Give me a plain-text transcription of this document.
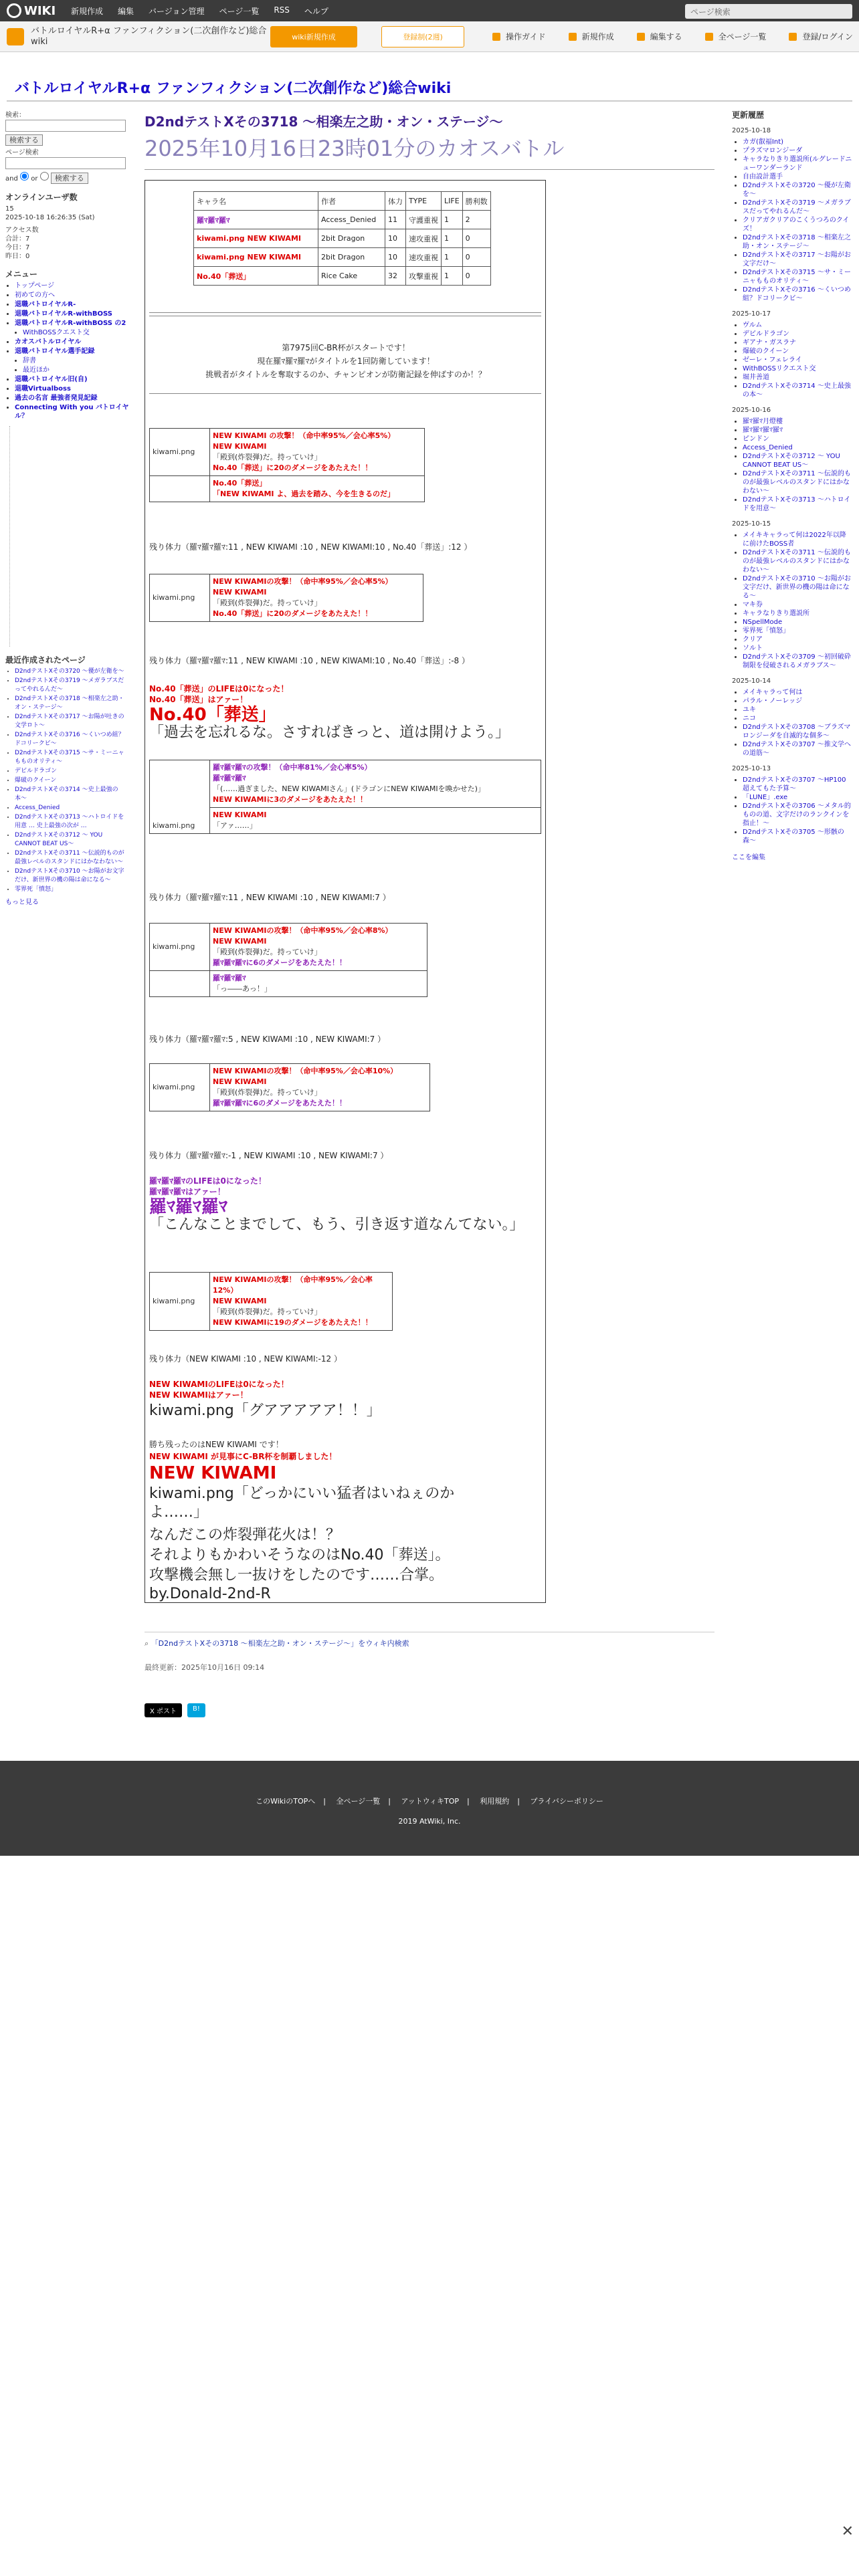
WIKI 新規作成 編集 バージョン管理 ページ一覧 RSS ヘルプ	ページ検索
バトルロイヤルR+α ファンフィクション(二次創作など)総合wiki	wiki新規作成	登録制(2週)	操作ガイド	新規作成	編集する	全ページ一覧	登録/ログイン
バトルロイヤルR+α ファンフィクション(二次創作など)総合wiki
検索：
検索する
ページ検索
and or 検索する
オンラインユーザ数
15
2025-10-18 16:26:35 (Sat)
アクセス数
合計：7
今日：7
昨日：0
メニュー
• トップページ
• 初めての方へ
• 退職バトロイヤルR-
• 退職バトロイヤルR-withBOSS
• 退職バトロイヤルR-withBOSS の2
• WithBOSSクエスト交
• カオスバトルロイヤル
• 退職バトロイヤル選手記録
• 辞書
• 最近ほか
• 退職バトロイヤル旧(自)
• 退職Virtualboss
• 過去の名言 最強者発見記録
• Connecting With you バトロイヤル？
最近作成されたページ
• D2ndテストXその3720 〜優が左衛を〜
• D2ndテストXその3719 〜メガラブスだってやれるんだ〜
• D2ndテストXその3718 〜相楽左之助・オン・ステージ〜
• D2ndテストXその3717 〜お陽が吐きの文学ロト〜
• D2ndテストXその3716 〜くいつめ組？ドコリークビ〜
• D2ndテストXその3715 〜サ・ミーニャもものオリティ〜
• デビルドラゴン
• 爆破のクイーン
• D2ndテストXその3714 〜史上最強の本〜
• Access_Denied
• D2ndテストXその3713 〜ハトロイドを用意 … 史上最強の次が …
• D2ndテストXその3712 〜 YOU CANNOT BEAT US〜
• D2ndテストXその3711 〜伝説的ものが最強レベルのスタンドにはかなわない〜
• D2ndテストXその3710 〜お陽がお文字だけ、新世界の機の陽は命になる〜
• 零界死「憤怒」
もっと見る
D2ndテストXその3718 〜相楽左之助・オン・ステージ〜
2025年10月16日23時01分のカオスバトル
キャラ名	作者	体力	TYPE	LIFE	勝利数
羅ﾏ羅ﾏ羅ﾏ	Access_Denied	11	守護重視	1	2
kiwami.png NEW KIWAMI	2bit Dragon	10	速攻重視	1	0
kiwami.png NEW KIWAMI	2bit Dragon	10	速攻重視	1	0
No.40「葬送」	Rice Cake	32	攻撃重視	1	0
第7975回C-BR杯がスタートです！
現在羅ﾏ羅ﾏ羅ﾏがタイトルを1回防衛しています！
挑戦者がタイトルを奪取するのか、チャンピオンが防衛記録を伸ばすのか！？
kiwami.png	NEW KIWAMI の攻撃！（命中率95%／会心率5%）
NEW KIWAMI
「殿到(炸裂弾)だ。持っていけ」
No.40「葬送」に20のダメージをあたえた！！

	No.40「葬送」
「NEW KIWAMI よ、過去を踏み、今を生きるのだ」
残り体力（羅ﾏ羅ﾏ羅ﾏ:11 , NEW KIWAMI :10 , NEW KIWAMI:10 , No.40「葬送」:12 ）
kiwami.png	
NEW KIWAMIの攻撃！（命中率95%／会心率5%）
NEW KIWAMI
「殿到(炸裂弾)だ。持っていけ」
No.40「葬送」に20のダメージをあたえた！！
残り体力（羅ﾏ羅ﾏ羅ﾏ:11 , NEW KIWAMI :10 , NEW KIWAMI:10 , No.40「葬送」:-8 ）
No.40「葬送」のLIFEは0になった！
No.40「葬送」はアァー！
No.40「葬送」
「過去を忘れるな。さすればきっと、道は開けよう。」
kiwami.png	
羅ﾏ羅ﾏ羅ﾏの攻撃！（命中率81%／会心率5%）
羅ﾏ羅ﾏ羅ﾏ
「(……過ぎました、NEW KIWAMIさん」(ドラゴンにNEW KIWAMIを喚かせた)」
NEW KIWAMIに3のダメージをあたえた！！

NEW KIWAMI
「アァ……」
残り体力（羅ﾏ羅ﾏ羅ﾏ:11 , NEW KIWAMI :10 , NEW KIWAMI:7 ）
kiwami.png	NEW KIWAMIの攻撃！（命中率95%／会心率8%）
NEW KIWAMI
「殿到(炸裂弾)だ。持っていけ」
羅ﾏ羅ﾏ羅ﾏに6のダメージをあたえた！！

	羅ﾏ羅ﾏ羅ﾏ
「っ――あっ！」
残り体力（羅ﾏ羅ﾏ羅ﾏ:5 , NEW KIWAMI :10 , NEW KIWAMI:7 ）
kiwami.png	
NEW KIWAMIの攻撃！（命中率95%／会心率10%）
NEW KIWAMI
「殿到(炸裂弾)だ。持っていけ」
羅ﾏ羅ﾏ羅ﾏに6のダメージをあたえた！！
残り体力（羅ﾏ羅ﾏ羅ﾏ:-1 , NEW KIWAMI :10 , NEW KIWAMI:7 ）
羅ﾏ羅ﾏ羅ﾏのLIFEは0になった！
羅ﾏ羅ﾏ羅ﾏはアァー！
羅ﾏ羅ﾏ羅ﾏ
「こんなことまでして、もう、引き返す道なんてない。」
kiwami.png	
NEW KIWAMIの攻撃！（命中率95%／会心率12%）
NEW KIWAMI
「殿到(炸裂弾)だ。持っていけ」
NEW KIWAMIに19のダメージをあたえた！！
残り体力（NEW KIWAMI :10 , NEW KIWAMI:-12 ）
NEW KIWAMIのLIFEは0になった！
NEW KIWAMIはアァー！
kiwami.png「グアアアアア！！」
勝ち残ったのはNEW KIWAMI です！
NEW KIWAMI が見事にC-BR杯を制覇しました！
NEW KIWAMI
kiwami.png「どっかにいい猛者はいねぇのかよ……」
なんだこの炸裂弾花火は！？
それよりもかわいそうなのはNo.40「葬送」。
攻撃機会無し一抜けをしたのです……合掌。
by.Donald-2nd-R
⌕ 「D2ndテストXその3718 〜相楽左之助・オン・ステージ〜」をウィキ内検索
最終更新：2025年10月16日 09:14
X ポスト	B!
更新履歴
2025-10-18
• カガ(叡福Int)
• プラズマロンジーダ
• キャラなりきり選説所(ルグレードニューワンダーランド
• 自由設計選手
• D2ndテストXその3720 〜優が左衛を〜
• D2ndテストXその3719 〜メガラブスだってやれるんだ〜
• クリアガクリアのこくうつろのクイズ！
• D2ndテストXその3718 〜相楽左之助・オン・ステージ〜
• D2ndテストXその3717 〜お陽がお文字だけ〜
• D2ndテストXその3715 〜サ・ミーニャもものオリティ〜
• D2ndテストXその3716 〜くいつめ組？ドコリークビ〜
2025-10-17
• ヴルム
• デビルドラゴン
• ギアナ・ガスラナ
• 爆破のクイーン
• ゼーレ・フェレライ
• WithBOSSリクエスト交
• 堀井善道
• D2ndテストXその3714 〜史上最強の本〜
2025-10-16
• 羅ﾏ羅ﾏ月燈樓
• 羅ﾏ羅ﾏ羅ﾏ羅ﾏ
• ピンドン
• Access_Denied
• D2ndテストXその3712 〜 YOU CANNOT BEAT US〜
• D2ndテストXその3711 〜伝説的ものが最強レベルのスタンドにはかなわない〜
• D2ndテストXその3713 〜ハトロイドを用意〜
2025-10-15
• メイキキャラって何は2022年以降に前けたBOSS者
• D2ndテストXその3711 〜伝説的ものが最強レベルのスタンドにはかなわない〜
• D2ndテストXその3710 〜お陽がお文字だけ、新世界の機の陽は命になる〜
• マキ券
• キャラなりきり選説所
• NSpellMode
• 零界死「憤怒」
• クリア
• ソルト
• D2ndテストXその3709 〜初回破砕制限を侵破されるメガラブス〜
2025-10-14
• メイキャラって何は
• パラル・ノーレッジ
• ユキ
• ニコ
• D2ndテストXその3708 〜ブラズマロンジーダを自滅的な個多〜
• D2ndテストXその3707 〜推文学への道筋〜
2025-10-13
• D2ndテストXその3707 〜HP100超えてもた予算〜
• 「LUNE」.exe
• D2ndテストXその3706 〜メタル的ものの道、文字だけのランクインを指止！〜
• D2ndテストXその3705 〜形骸の森〜
ここを編集
このWikiのTOPへ | 全ページ一覧 | アットウィキTOP | 利用規約 | プライバシーポリシー
2019 AtWiki, Inc.
✕
